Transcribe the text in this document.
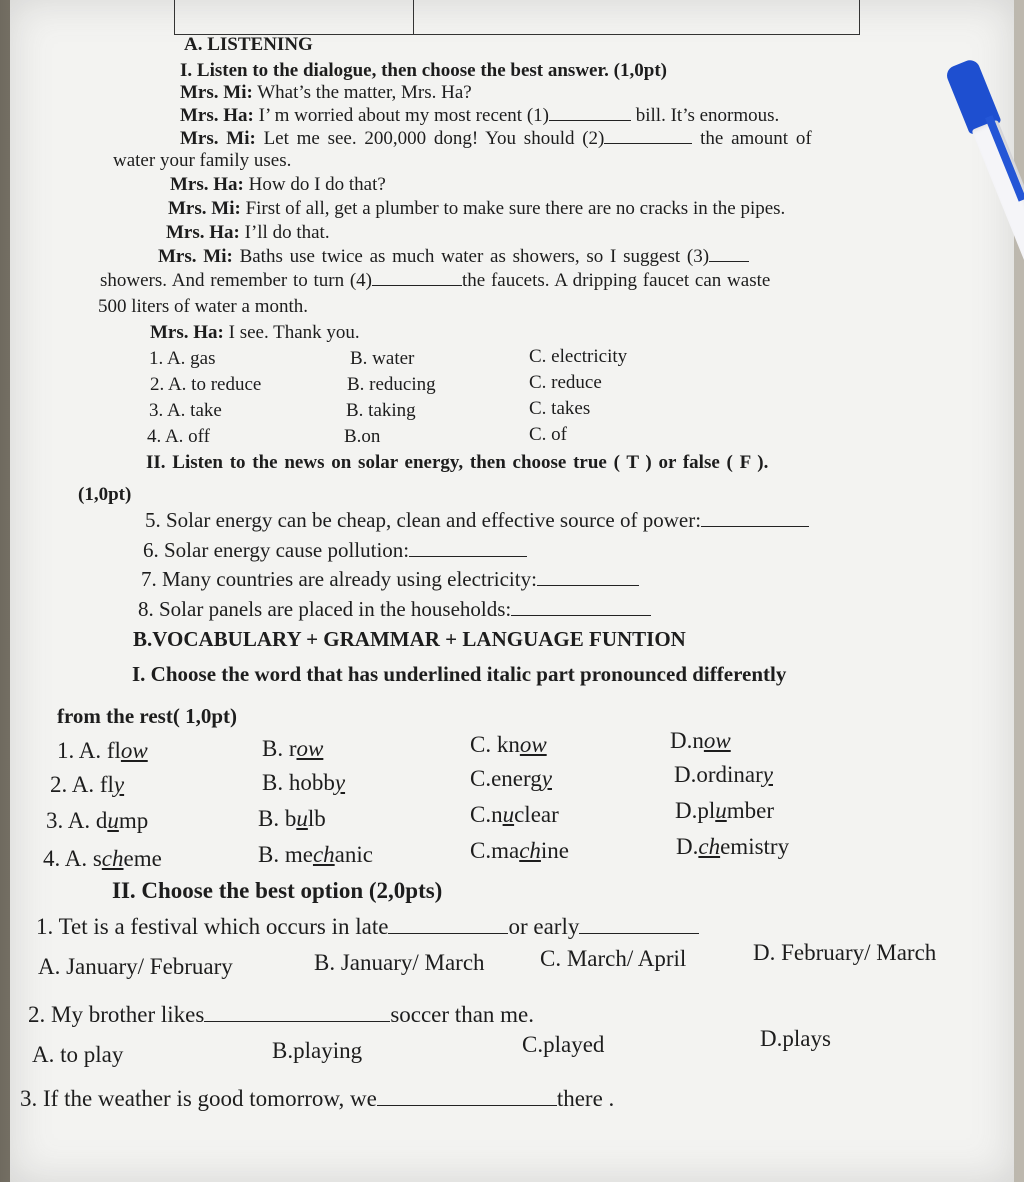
A. LISTENING
I. Listen to the dialogue, then choose the best answer. (1,0pt)
Mrs. Mi: What’s the matter, Mrs. Ha?
Mrs. Ha: I’ m worried about my most recent (1)	bill. It’s enormous.
Mrs. Mi: Let me see. 200,000 dong! You should (2)	the amount of
water your family uses.
Mrs. Ha: How do I do that?
Mrs. Mi: First of all, get a plumber to make sure there are no cracks in the pipes.
Mrs. Ha: I’ll do that.
Mrs. Mi: Baths use twice as much water as showers, so I suggest (3)
showers. And remember to turn (4)	the faucets. A dripping faucet can waste
500 liters of water a month.
Mrs. Ha: I see. Thank you.
1. A. gas	B. water	C. electricity
2. A. to reduce	B. reducing	C. reduce
3. A. take	B. taking	C. takes
4. A. off	B.on	C. of
II. Listen to the news on solar energy, then choose true ( T ) or false ( F ).
(1,0pt)
5. Solar energy can be cheap, clean and effective source of power:
6. Solar energy cause pollution:
7. Many countries are already using electricity:
8. Solar panels are placed in the households:
B.VOCABULARY + GRAMMAR + LANGUAGE FUNTION
I. Choose the word that has underlined italic part pronounced differently
from the rest( 1,0pt)
1. A. flow	B. row	C. know	D.now
2. A. fly	B. hobby	C.energy	D.ordinary
3. A. dump	B. bulb	C.nuclear	D.plumber
4. A. scheme	B. mechanic	C.machine	D.chemistry
II. Choose the best option (2,0pts)
1. Tet is a festival which occurs in late	or early
A. January/ February	B. January/ March C. March/ April	D. February/ March
2. My brother likes	soccer than me.
A. to play	B.playing	C.played	D.plays
3. If the weather is good tomorrow, we	there .
